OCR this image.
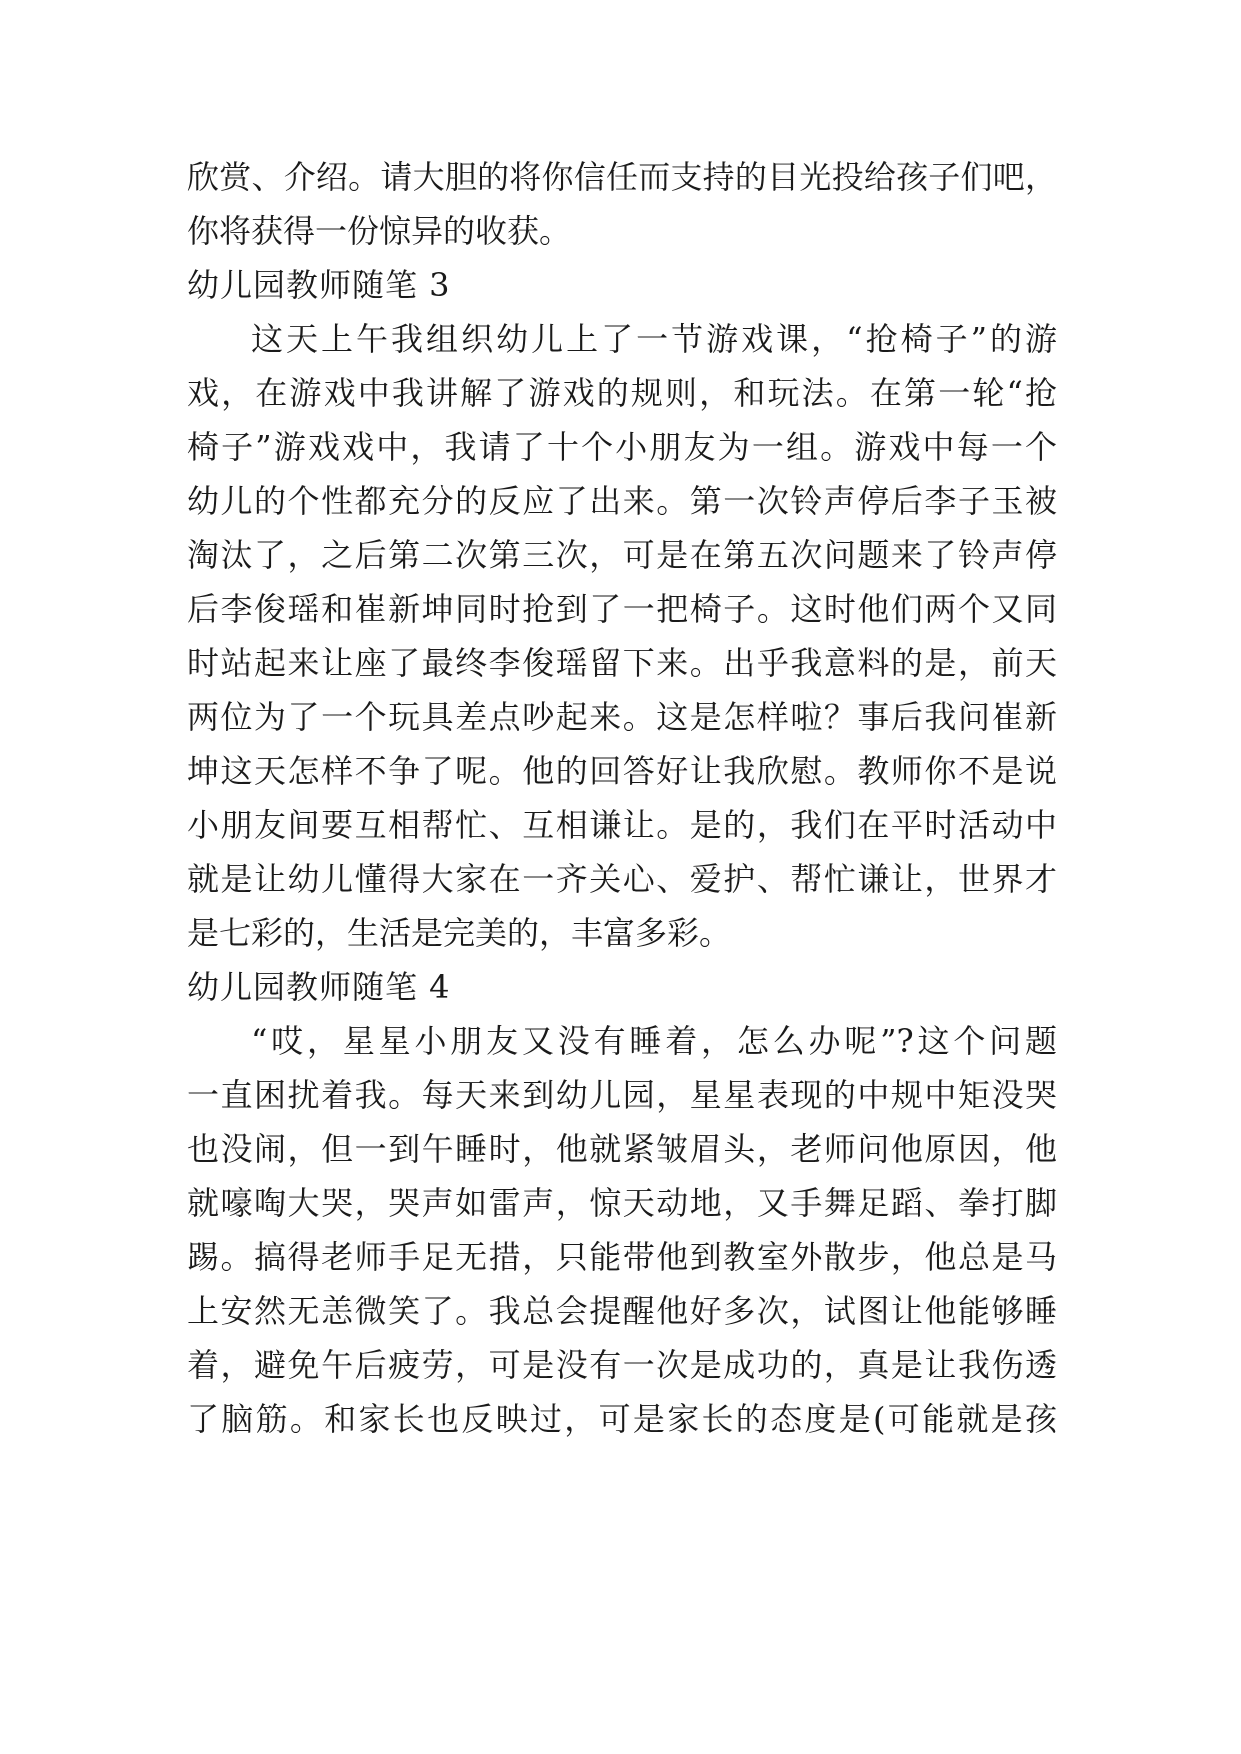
欣赏、介绍。请大胆的将你信任而支持的目光投给孩子们吧，
你将获得一份惊异的收获。
幼儿园教师随笔 3
这天上午我组织幼儿上了一节游戏课，“抢椅子”的游
戏，在游戏中我讲解了游戏的规则，和玩法。在第一轮“抢
椅子”游戏戏中，我请了十个小朋友为一组。游戏中每一个
幼儿的个性都充分的反应了出来。第一次铃声停后李子玉被
淘汰了，之后第二次第三次，可是在第五次问题来了铃声停
后李俊瑶和崔新坤同时抢到了一把椅子。这时他们两个又同
时站起来让座了最终李俊瑶留下来。出乎我意料的是，前天
两位为了一个玩具差点吵起来。这是怎样啦？事后我问崔新
坤这天怎样不争了呢。他的回答好让我欣慰。教师你不是说
小朋友间要互相帮忙、互相谦让。是的，我们在平时活动中
就是让幼儿懂得大家在一齐关心、爱护、帮忙谦让，世界才
是七彩的，生活是完美的，丰富多彩。
幼儿园教师随笔 4
“哎，星星小朋友又没有睡着，怎么办呢”?这个问题
一直困扰着我。每天来到幼儿园，星星表现的中规中矩没哭
也没闹，但一到午睡时，他就紧皱眉头，老师问他原因，他
就嚎啕大哭，哭声如雷声，惊天动地，又手舞足蹈、拳打脚
踢。搞得老师手足无措，只能带他到教室外散步，他总是马
上安然无恙微笑了。我总会提醒他好多次，试图让他能够睡
着，避免午后疲劳，可是没有一次是成功的，真是让我伤透
了脑筋。和家长也反映过，可是家长的态度是(可能就是孩
